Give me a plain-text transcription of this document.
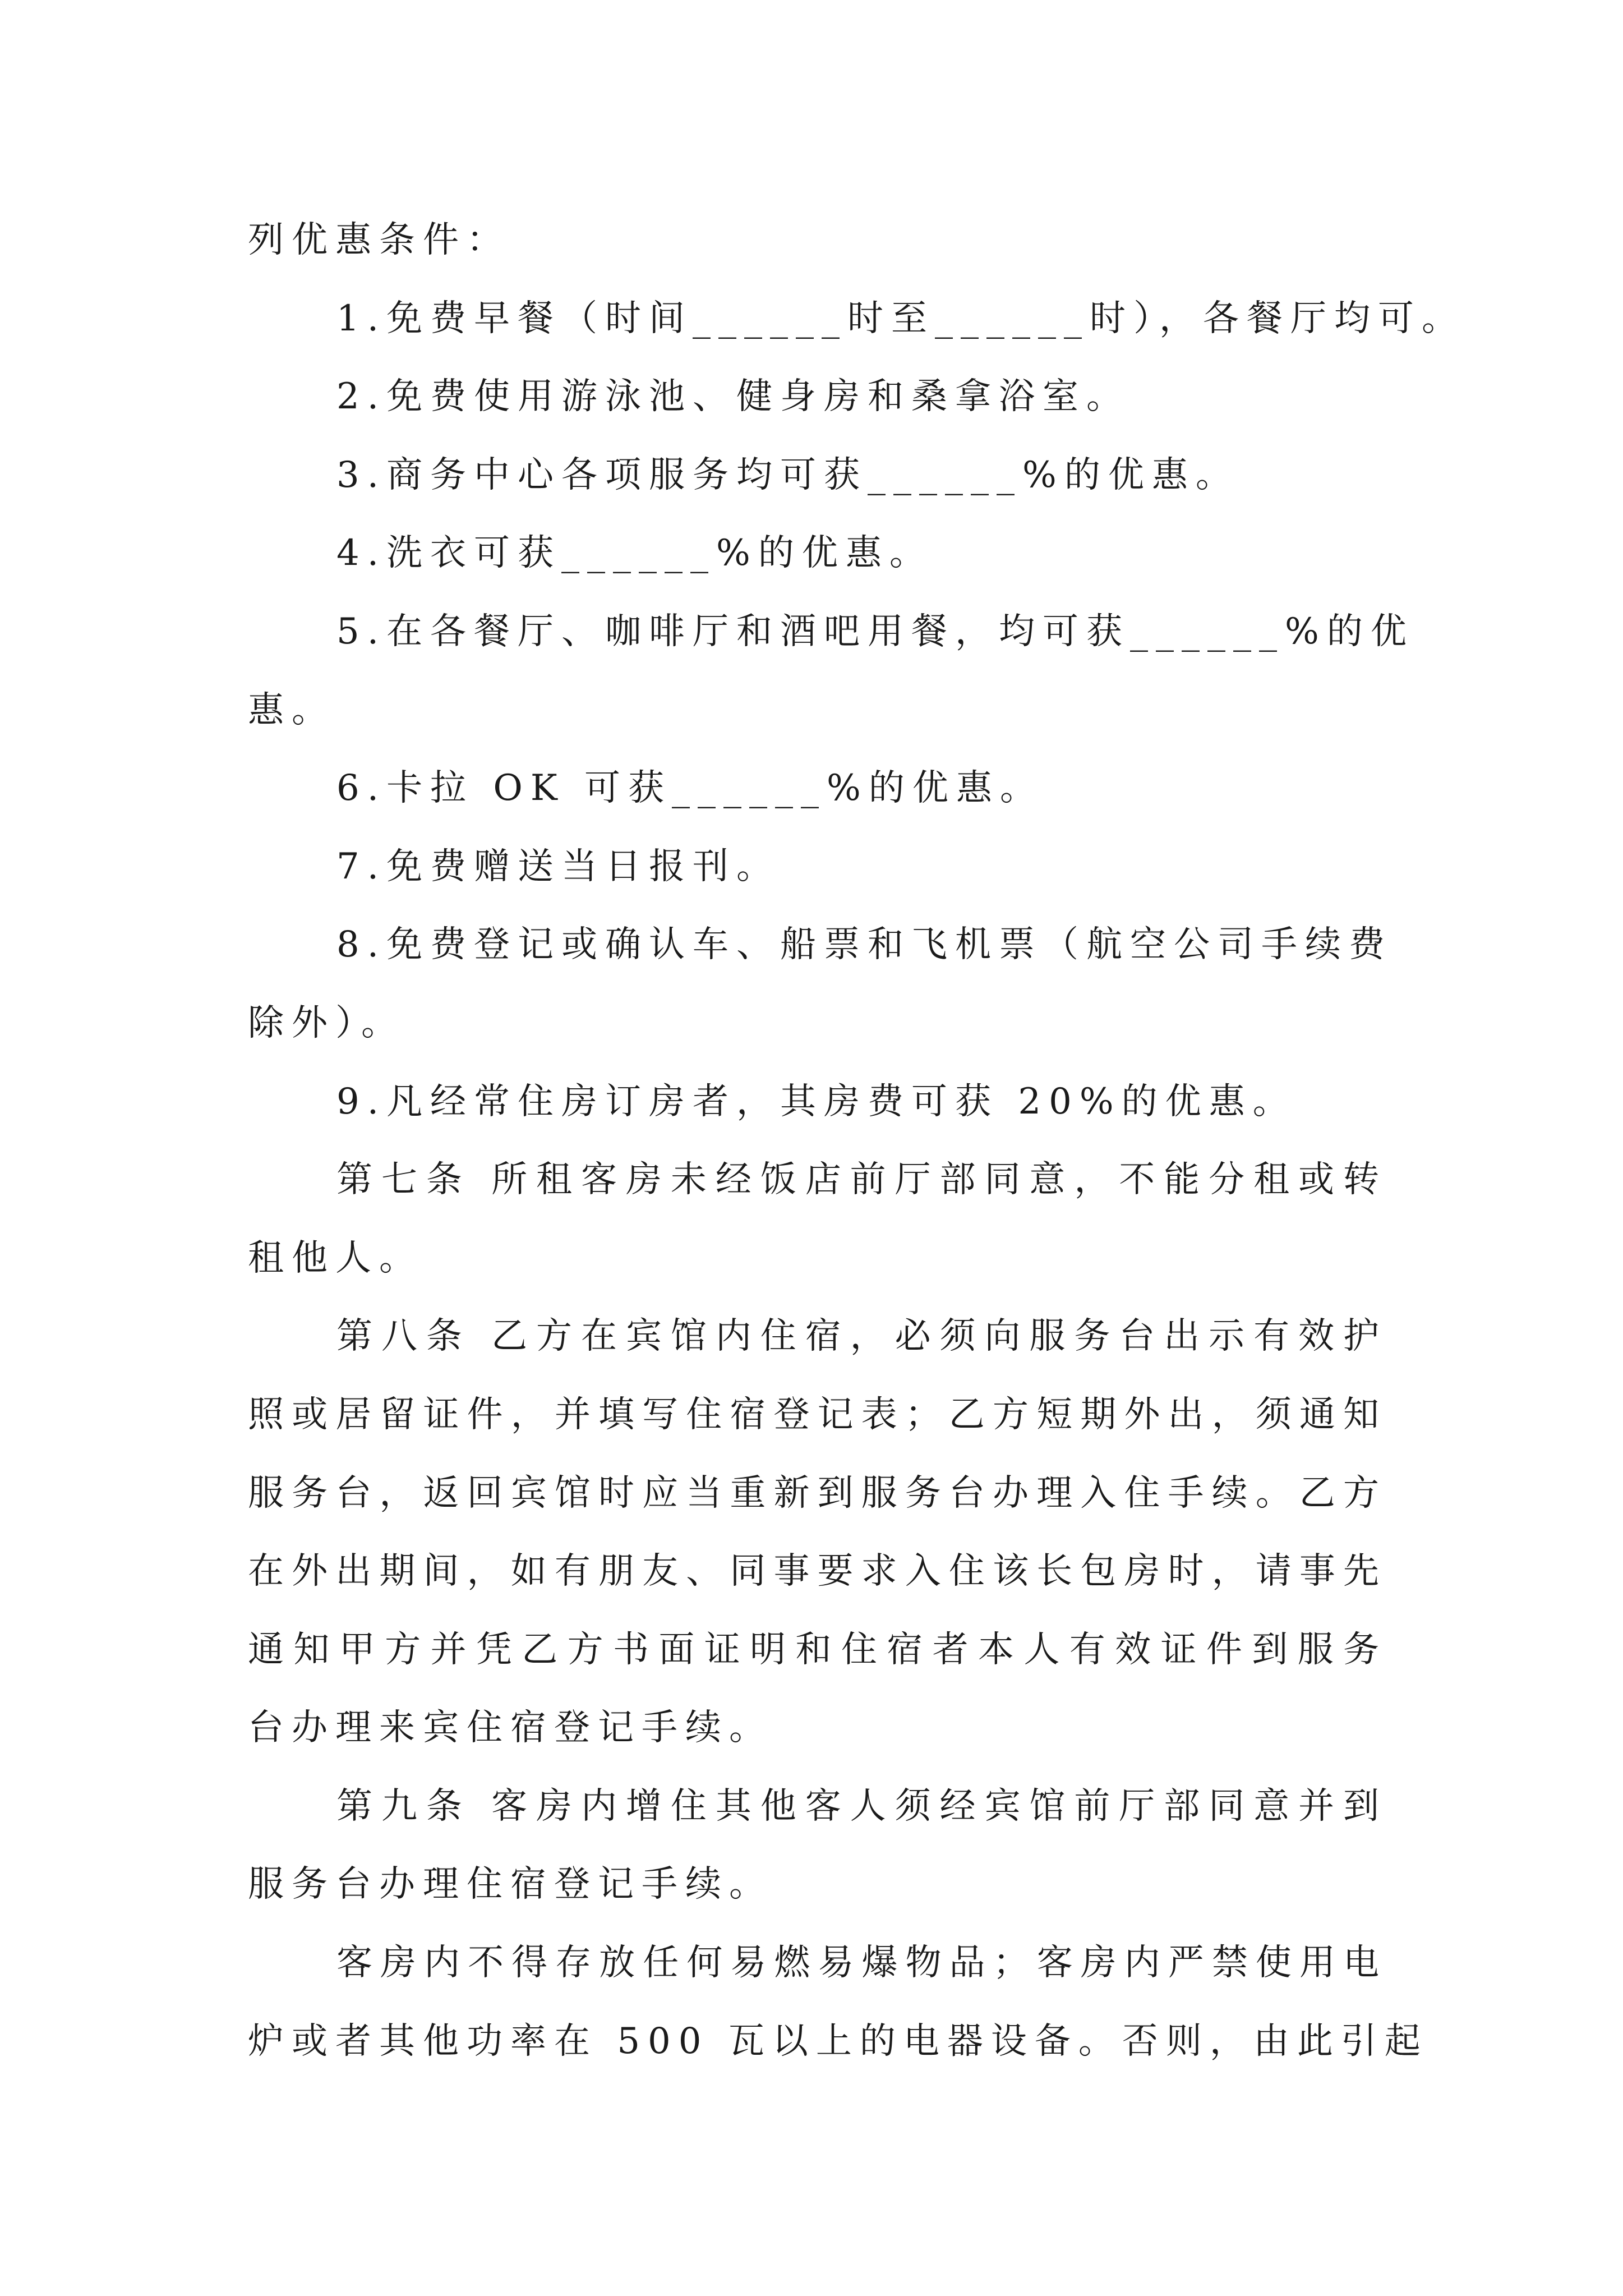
列优惠条件：
1.免费早餐（时间______时至______时），各餐厅均可。
2.免费使用游泳池、健身房和桑拿浴室。
3.商务中心各项服务均可获______%的优惠。
4.洗衣可获______%的优惠。
5.在各餐厅、咖啡厅和酒吧用餐，均可获______%的优
惠。
6.卡拉 OK 可获______%的优惠。
7.免费赠送当日报刊。
8.免费登记或确认车、船票和飞机票（航空公司手续费
除外）。
9.凡经常住房订房者，其房费可获 20%的优惠。
第七条 所租客房未经饭店前厅部同意，不能分租或转
租他人。
第八条 乙方在宾馆内住宿，必须向服务台出示有效护
照或居留证件，并填写住宿登记表；乙方短期外出，须通知
服务台，返回宾馆时应当重新到服务台办理入住手续。乙方
在外出期间，如有朋友、同事要求入住该长包房时，请事先
通知甲方并凭乙方书面证明和住宿者本人有效证件到服务
台办理来宾住宿登记手续。
第九条 客房内增住其他客人须经宾馆前厅部同意并到
服务台办理住宿登记手续。
客房内不得存放任何易燃易爆物品；客房内严禁使用电
炉或者其他功率在 500 瓦以上的电器设备。否则，由此引起
